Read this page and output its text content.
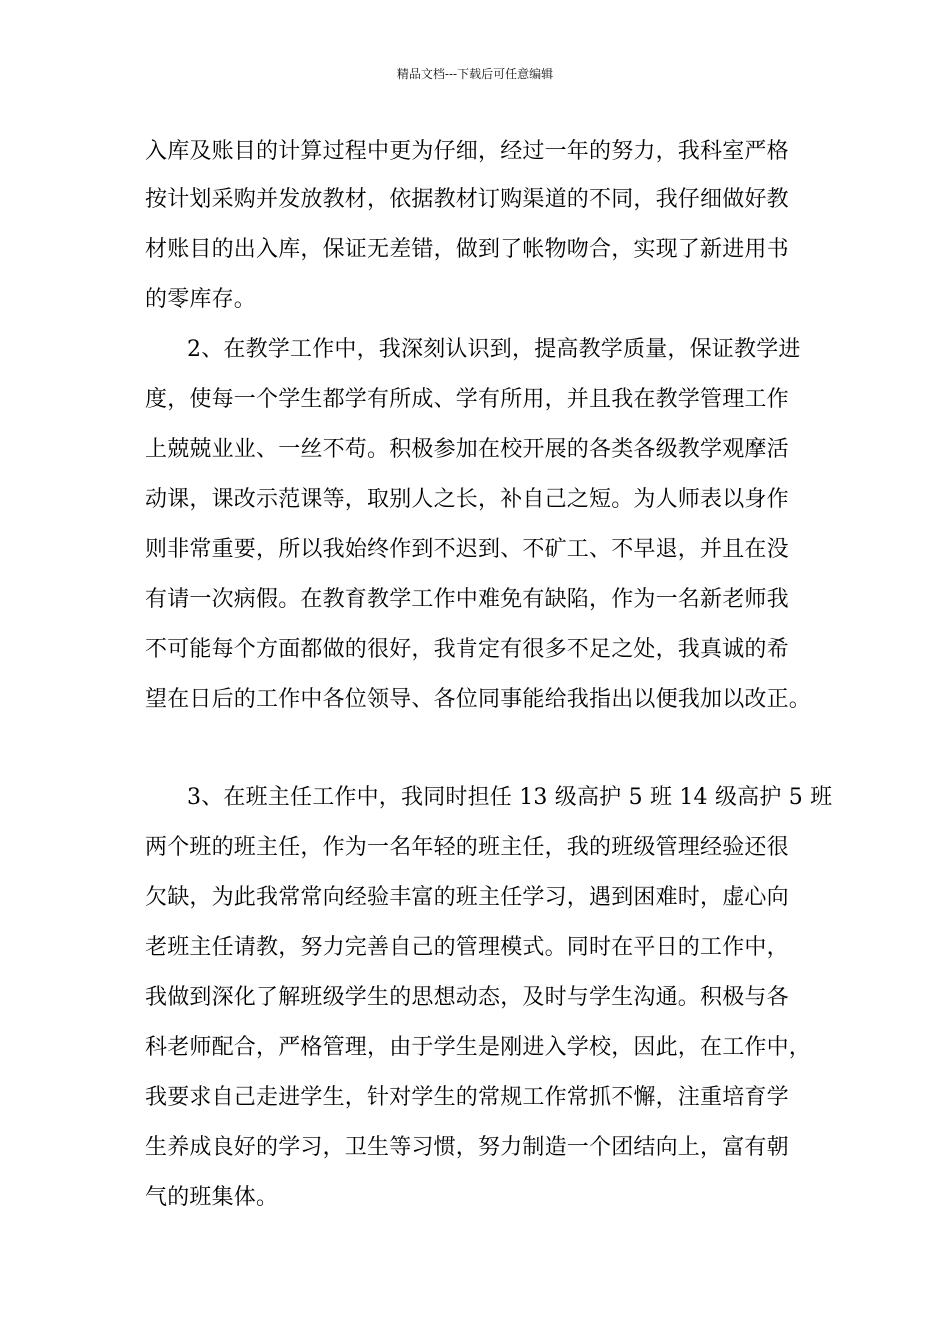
精品文档---下载后可任意编辑
入库及账目的计算过程中更为仔细，经过一年的努力，我科室严格
按计划采购并发放教材，依据教材订购渠道的不同，我仔细做好教
材账目的出入库，保证无差错，做到了帐物吻合，实现了新进用书
的零库存。
2、在教学工作中，我深刻认识到，提高教学质量，保证教学进
度，使每一个学生都学有所成、学有所用，并且我在教学管理工作
上兢兢业业、一丝不苟。积极参加在校开展的各类各级教学观摩活
动课，课改示范课等，取别人之长，补自己之短。为人师表以身作
则非常重要，所以我始终作到不迟到、不矿工、不早退，并且在没
有请一次病假。在教育教学工作中难免有缺陷，作为一名新老师我
不可能每个方面都做的很好，我肯定有很多不足之处，我真诚的希
望在日后的工作中各位领导、各位同事能给我指出以便我加以改正。
3、在班主任工作中，我同时担任 13 级高护 5 班 14 级高护 5 班
两个班的班主任，作为一名年轻的班主任，我的班级管理经验还很
欠缺，为此我常常向经验丰富的班主任学习，遇到困难时，虚心向
老班主任请教，努力完善自己的管理模式。同时在平日的工作中，
我做到深化了解班级学生的思想动态，及时与学生沟通。积极与各
科老师配合，严格管理，由于学生是刚进入学校，因此，在工作中，
我要求自己走进学生，针对学生的常规工作常抓不懈，注重培育学
生养成良好的学习，卫生等习惯，努力制造一个团结向上，富有朝
气的班集体。
